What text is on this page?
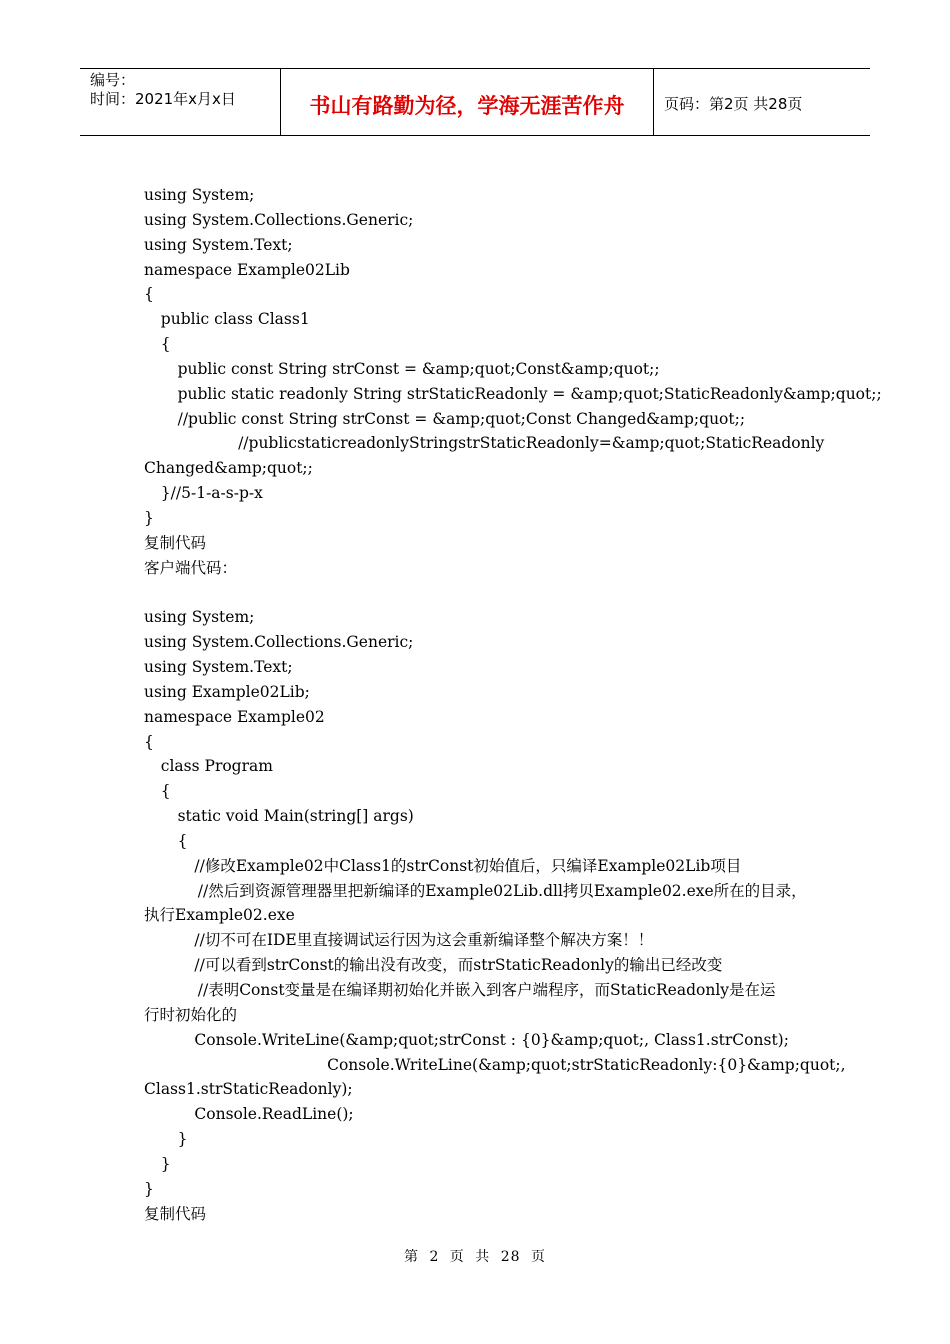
编号：
时间：2021年x月x日	书山有路勤为径，学海无涯苦作舟	页码：第2页 共28页
using System;
using System.Collections.Generic;
using System.Text;
namespace Example02Lib
{
public class Class1
{
public const String strConst = &amp;quot;Const&amp;quot;;
public static readonly String strStaticReadonly = &amp;quot;StaticReadonly&amp;quot;;
//public const String strConst = &amp;quot;Const Changed&amp;quot;;
//public static readonly String strStaticReadonly = &amp;quot;StaticReadonly
Changed&amp;quot;;
}//5-1-a-s-p-x
}
复制代码
客户端代码：
using System;
using System.Collections.Generic;
using System.Text;
using Example02Lib;
namespace Example02
{
class Program
{
static void Main(string[] args)
{
//修改Example02中Class1的strConst初始值后，只编译Example02Lib项目
//然后到资源管理器里把新编译的Example02Lib.dll拷贝Example02.exe所在的目录，
执行Example02.exe
//切不可在IDE里直接调试运行因为这会重新编译整个解决方案！！
//可以看到strConst的输出没有改变，而strStaticReadonly的输出已经改变
//表明Const变量是在编译期初始化并嵌入到客户端程序，而StaticReadonly是在运
行时初始化的
Console.WriteLine(&amp;quot;strConst : {0}&amp;quot;, Class1.strConst);
Console.WriteLine(&amp;quot;strStaticReadonly : {0}&amp;quot;,
Class1.strStaticReadonly);
Console.ReadLine();
}
}
}
复制代码
第 2 页 共 28 页
